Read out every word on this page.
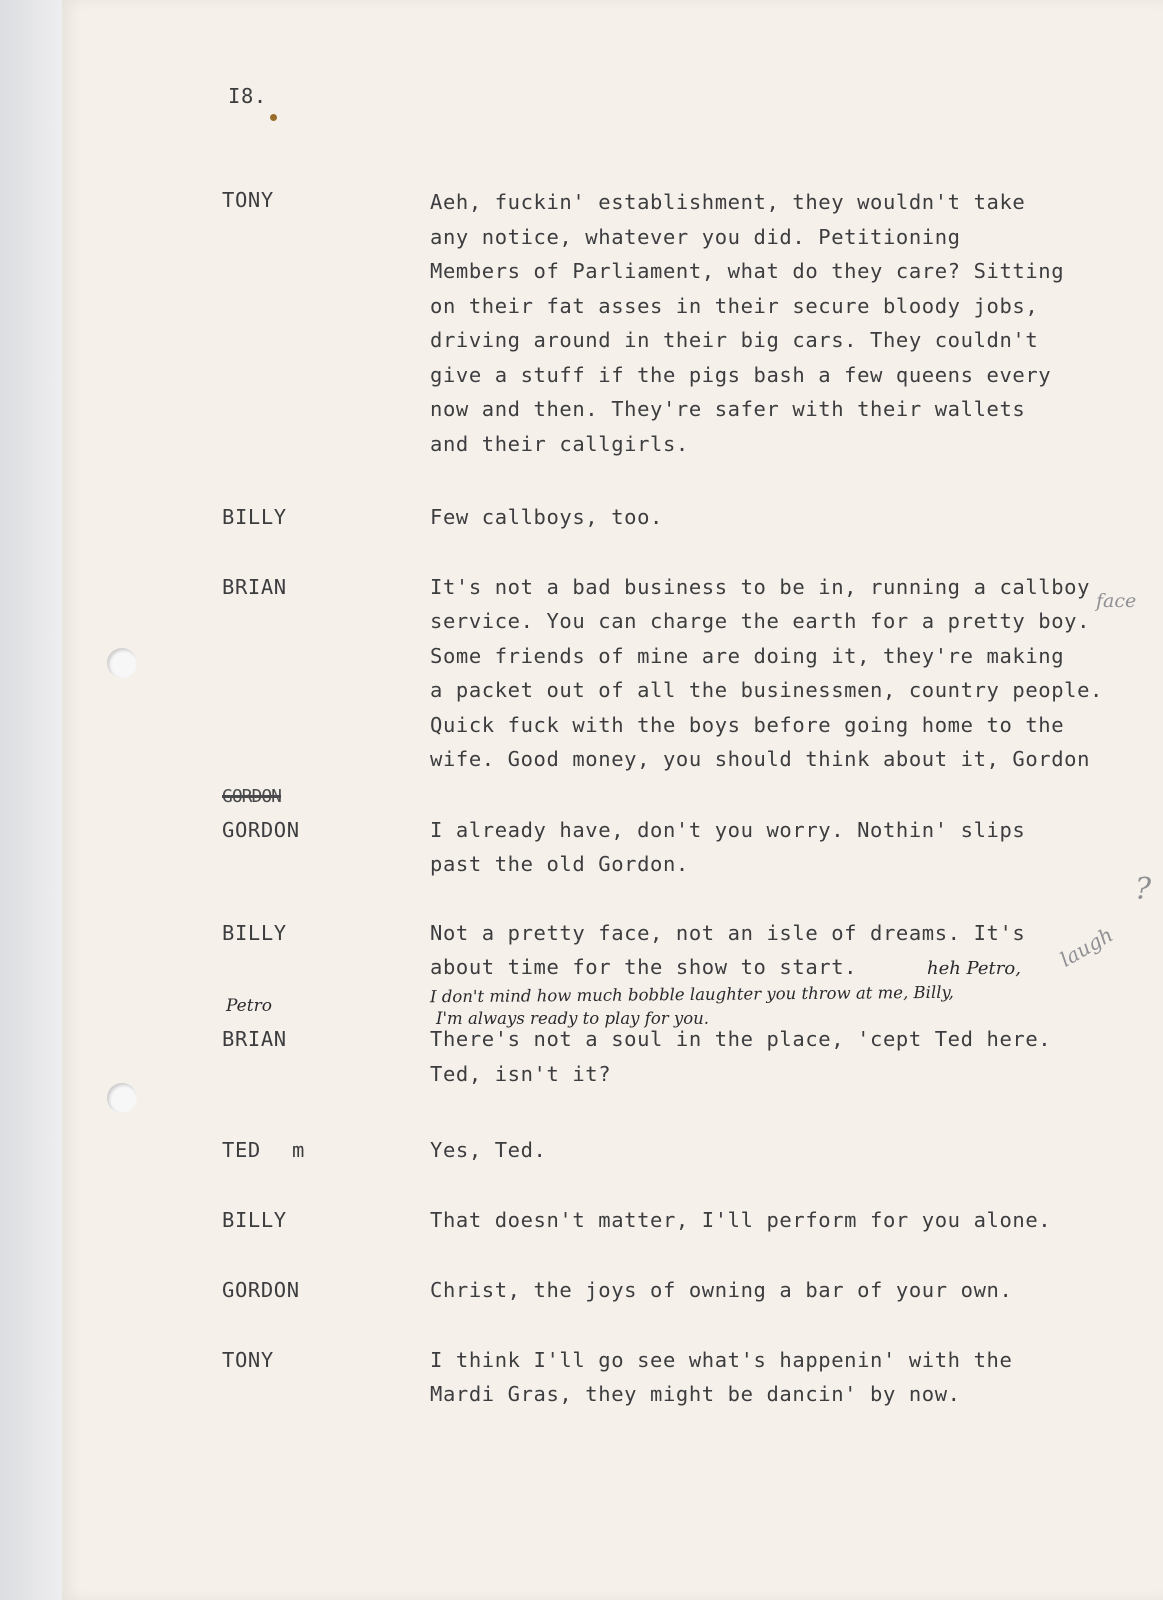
I8.
TONY	Aeh, fuckin' establishment, they wouldn't take
any notice, whatever you did. Petitioning
Members of Parliament, what do they care? Sitting
on their fat asses in their secure bloody jobs,
driving around in their big cars. They couldn't
give a stuff if the pigs bash a few queens every
now and then. They're safer with their wallets
and their callgirls.
BILLY	Few callboys, too.
BRIAN	It's not a bad business to be in, running a callboy
service. You can charge the earth for a pretty boy.
Some friends of mine are doing it, they're making
a packet out of all the businessmen, country people.
Quick fuck with the boys before going home to the
wife. Good money, you should think about it, Gordon
face
GORDON
GORDON	I already have, don't you worry. Nothin' slips
past the old Gordon.
?
BILLY	Not a pretty face, not an isle of dreams. It's
about time for the show to start.	heh Petro, laugh
Petro	I don't mind how much bobble laughter you throw at me, Billy,
I'm always ready to play for you.
BRIAN	There's not a soul in the place, 'cept Ted here.
Ted, isn't it?
TED m	Yes, Ted.
BILLY	That doesn't matter, I'll perform for you alone.
GORDON	Christ, the joys of owning a bar of your own.
TONY	I think I'll go see what's happenin' with the
Mardi Gras, they might be dancin' by now.
